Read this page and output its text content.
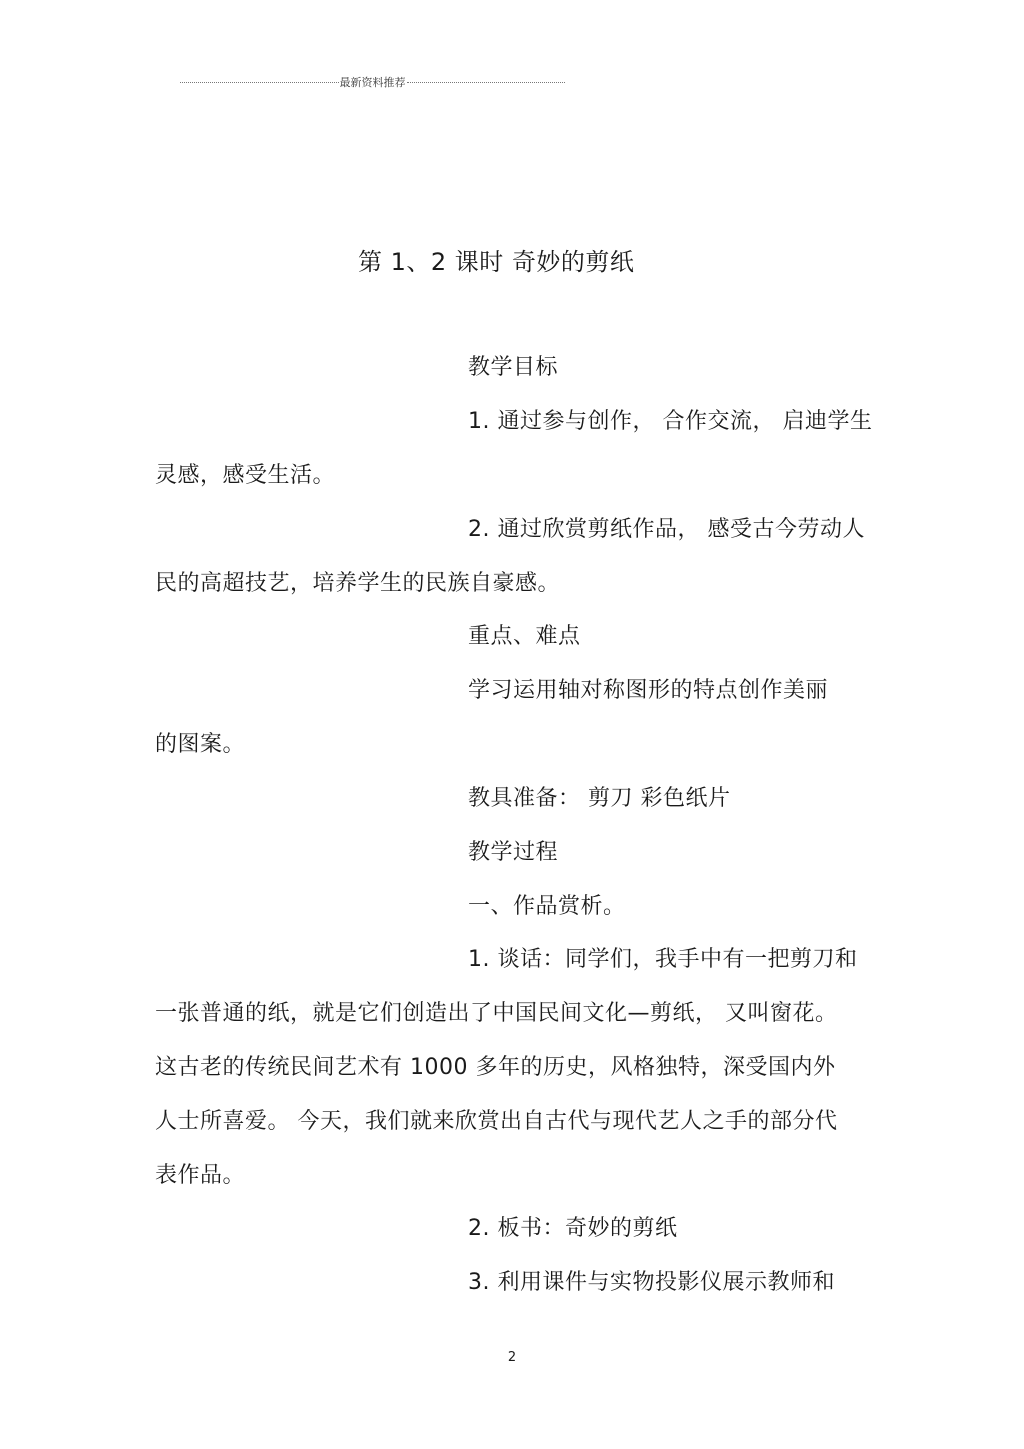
最新资料推荐
第 1、2 课时 奇妙的剪纸
教学目标
1. 通过参与创作， 合作交流， 启迪学生
灵感，感受生活。
2. 通过欣赏剪纸作品， 感受古今劳动人
民的高超技艺，培养学生的民族自豪感。
重点、难点
学习运用轴对称图形的特点创作美丽
的图案。
教具准备： 剪刀 彩色纸片
教学过程
一、作品赏析。
1. 谈话：同学们，我手中有一把剪刀和
一张普通的纸，就是它们创造出了中国民间文化—剪纸， 又叫窗花。
这古老的传统民间艺术有 1000 多年的历史，风格独特，深受国内外
人士所喜爱。 今天，我们就来欣赏出自古代与现代艺人之手的部分代
表作品。
2. 板书：奇妙的剪纸
3. 利用课件与实物投影仪展示教师和
2
